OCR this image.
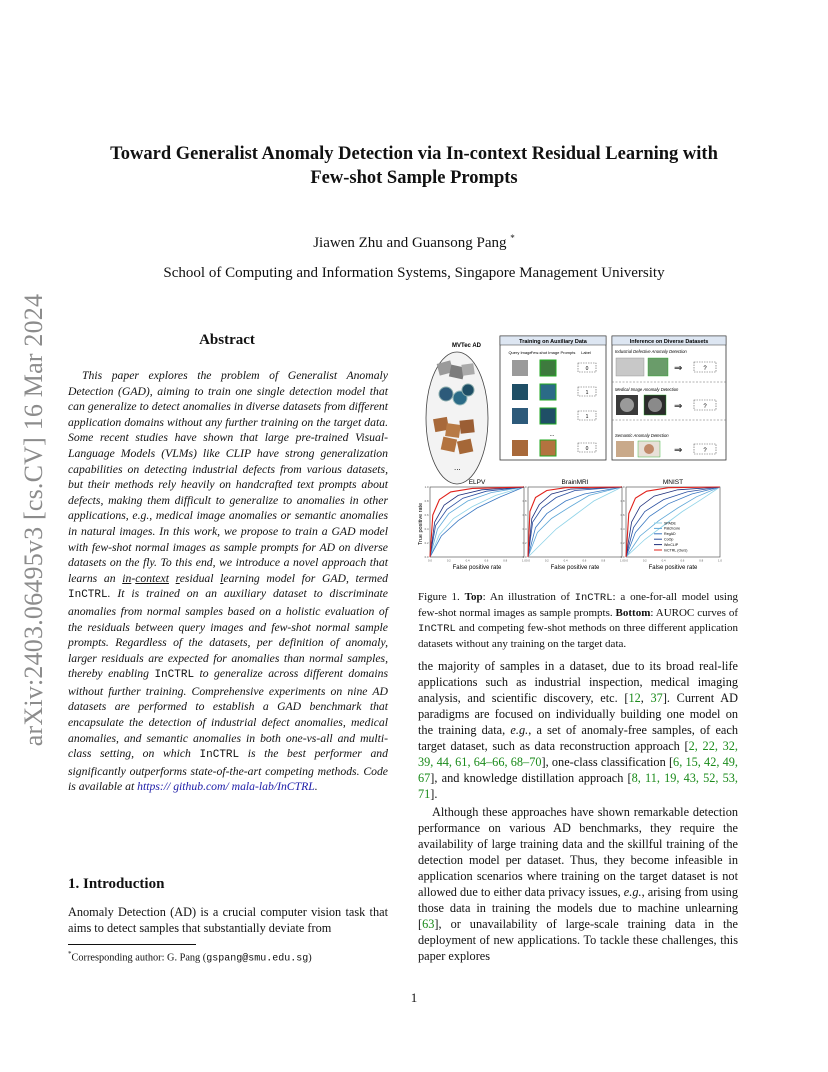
arXiv:2403.06495v3 [cs.CV] 16 Mar 2024
Toward Generalist Anomaly Detection via In-context Residual Learning with
Few-shot Sample Prompts
Jiawen Zhu and Guansong Pang *
School of Computing and Information Systems, Singapore Management University
Abstract
This paper explores the problem of Generalist Anomaly Detection (GAD), aiming to train one single detection model that can generalize to detect anomalies in diverse datasets from different application domains without any further training on the target data. Some recent studies have shown that large pre-trained Visual-Language Models (VLMs) like CLIP have strong generalization capabilities on detecting industrial defects from various datasets, but their methods rely heavily on handcrafted text prompts about defects, making them difficult to generalize to anomalies in other applications, e.g., medical image anomalies or semantic anomalies in natural images. In this work, we propose to train a GAD model with few-shot normal images as sample prompts for AD on diverse datasets on the fly. To this end, we introduce a novel approach that learns an in-context residual learning model for GAD, termed InCTRL. It is trained on an auxiliary dataset to discriminate anomalies from normal samples based on a holistic evaluation of the residuals between query images and few-shot normal sample prompts. Regardless of the datasets, per definition of anomaly, larger residuals are expected for anomalies than normal samples, thereby enabling InCTRL to generalize across different domains without further training. Comprehensive experiments on nine AD datasets are performed to establish a GAD benchmark that encapsulate the detection of industrial defect anomalies, medical anomalies, and semantic anomalies in both one-vs-all and multi-class setting, on which InCTRL is the best performer and significantly outperforms state-of-the-art competing methods. Code is available at https:// github.com/ mala-lab/InCTRL.
1. Introduction
Anomaly Detection (AD) is a crucial computer vision task that aims to detect samples that substantially deviate from
*Corresponding author: G. Pang (gspang@smu.edu.sg)
MVTec AD
...
Training on Auxiliary Data
Query Image Few-shot Image Prompts Label
0
1
1
...
0
Inference on Diverse Datasets
Industrial Defective Anomaly Detection
⇒	?
Medical Image Anomaly Detection
⇒	?
Semantic Anomaly Detection
⇒	?
True positive rate
ELPV
False positive rate
0.0
0.0
0.2
0.2
0.4
0.4
0.6
0.6
0.8
0.8
1.0
1.0
BrainMRI
False positive rate
0.0
0.0
0.2
0.2
0.4
0.4
0.6
0.6
0.8
0.8
1.0
1.0
MNIST
False positive rate
0.0
0.0
0.2
0.2
0.4
0.4
0.6
0.6
0.8
0.8
1.0
1.0
SPADE
Patchcore
RegAD
CoOp
WinCLIP
InCTRL (Ours)
Figure 1. Top: An illustration of InCTRL: a one-for-all model using few-shot normal images as sample prompts. Bottom: AUROC curves of InCTRL and competing few-shot methods on three different application datasets without any training on the target data.
the majority of samples in a dataset, due to its broad real-life applications such as industrial inspection, medical imaging analysis, and scientific discovery, etc. [12, 37]. Current AD paradigms are focused on individually building one model on the training data, e.g., a set of anomaly-free samples, of each target dataset, such as data reconstruction approach [2, 22, 32, 39, 44, 61, 64–66, 68–70], one-class classification [6, 15, 42, 49, 67], and knowledge distillation approach [8, 11, 19, 43, 52, 53, 71].
Although these approaches have shown remarkable detection performance on various AD benchmarks, they require the availability of large training data and the skillful training of the detection model per dataset. Thus, they become infeasible in application scenarios where training on the target dataset is not allowed due to either data privacy issues, e.g., arising from using those data in training the models due to machine unlearning [63], or unavailability of large-scale training data in the deployment of new applications. To tackle these challenges, this paper explores
1
